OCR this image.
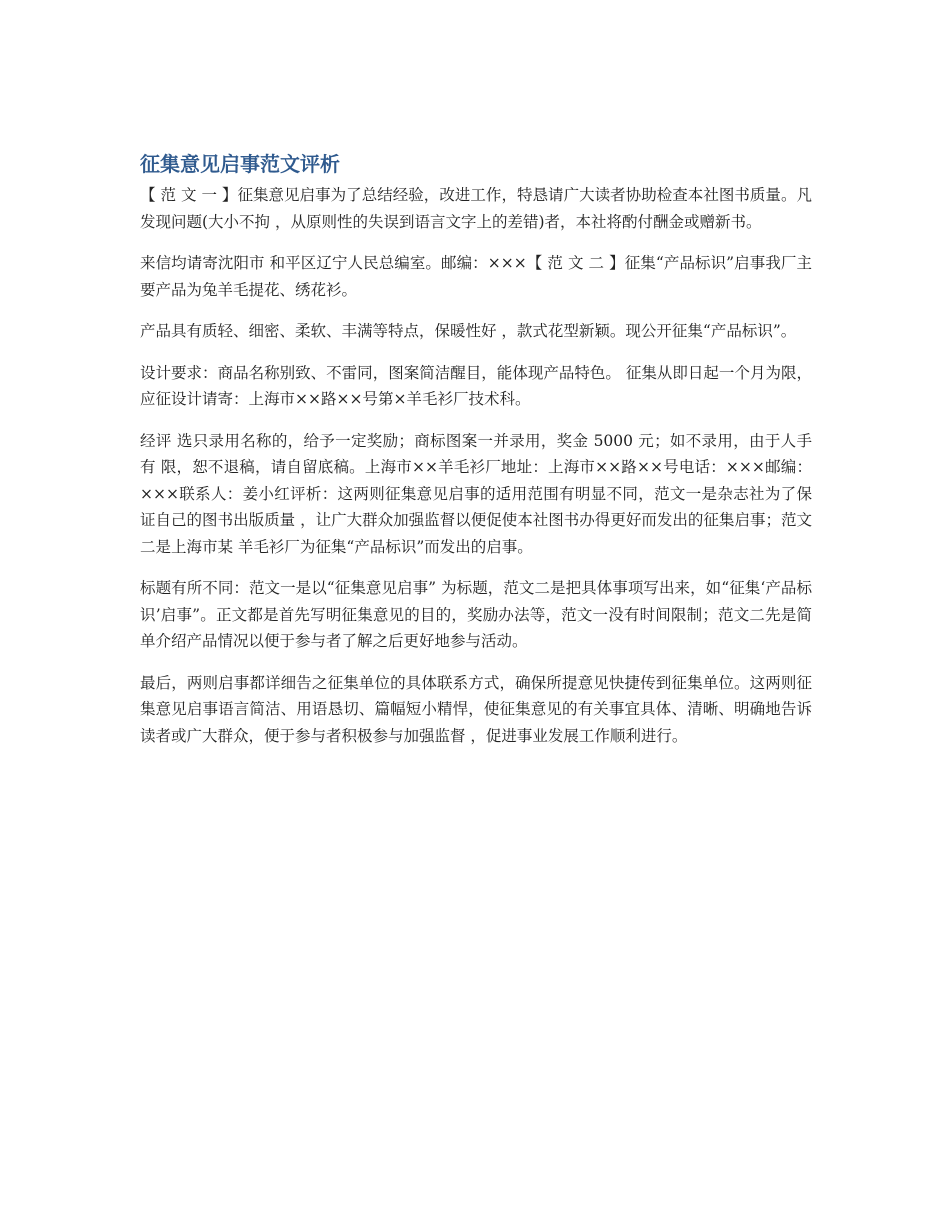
征集意见启事范文评析

【 范 文 一 】征集意见启事为了总结经验，改进工作，特恳请广大读者协助检查本社图书质量。凡发现问题(大小不拘 ，从原则性的失误到语言文字上的差错)者，本社将酌付酬金或赠新书。

来信均请寄沈阳市 和平区辽宁人民总编室。邮编：×××【 范 文 二 】征集“产品标识”启事我厂主要产品为兔羊毛提花、绣花衫。

产品具有质轻、细密、柔软、丰满等特点，保暖性好 ，款式花型新颖。现公开征集“产品标识”。

设计要求：商品名称别致、不雷同，图案简洁醒目，能体现产品特色。 征集从即日起一个月为限，应征设计请寄：上海市××路××号第×羊毛衫厂技术科。

经评 选只录用名称的，给予一定奖励；商标图案一并录用，奖金 5000 元；如不录用，由于人手有 限，恕不退稿，请自留底稿。上海市××羊毛衫厂地址：上海市××路××号电话：×××邮编：×××联系人：姜小红评析：这两则征集意见启事的适用范围有明显不同，范文一是杂志社为了保证自己的图书出版质量 ，让广大群众加强监督以便促使本社图书办得更好而发出的征集启事；范文二是上海市某 羊毛衫厂为征集“产品标识”而发出的启事。

标题有所不同：范文一是以“征集意见启事” 为标题，范文二是把具体事项写出来，如“征集‘产品标识’启事”。正文都是首先写明征集意见的目的，奖励办法等，范文一没有时间限制；范文二先是简单介绍产品情况以便于参与者了解之后更好地参与活动。

最后，两则启事都详细告之征集单位的具体联系方式，确保所提意见快捷传到征集单位。这两则征集意见启事语言简洁、用语恳切、篇幅短小精悍，使征集意见的有关事宜具体、清晰、明确地告诉读者或广大群众，便于参与者积极参与加强监督 ，促进事业发展工作顺利进行。
